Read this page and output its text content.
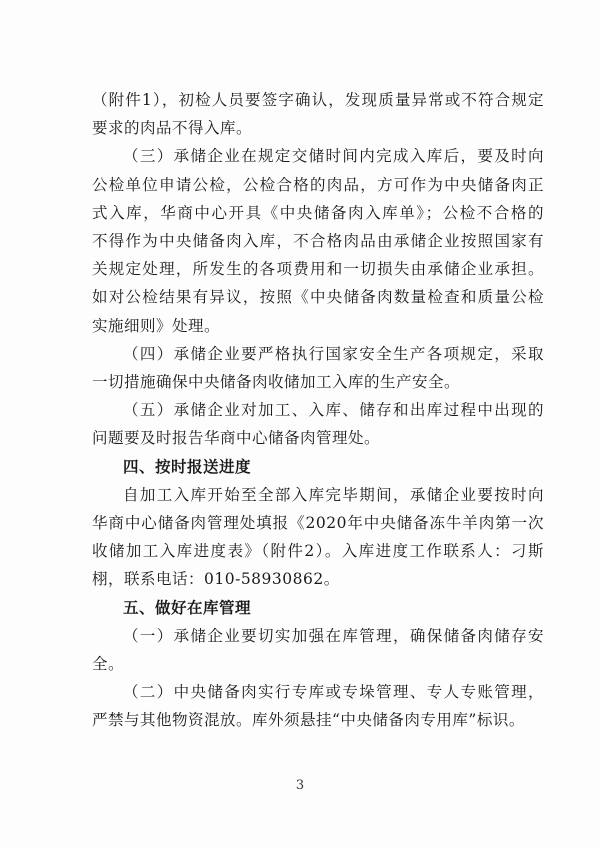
（附件1），初检人员要签字确认，发现质量异常或不符合规定
要求的肉品不得入库。
（三）承储企业在规定交储时间内完成入库后，要及时向
公检单位申请公检，公检合格的肉品，方可作为中央储备肉正
式入库，华商中心开具《中央储备肉入库单》；公检不合格的
不得作为中央储备肉入库，不合格肉品由承储企业按照国家有
关规定处理，所发生的各项费用和一切损失由承储企业承担。
如对公检结果有异议，按照《中央储备肉数量检查和质量公检
实施细则》处理。
（四）承储企业要严格执行国家安全生产各项规定，采取
一切措施确保中央储备肉收储加工入库的生产安全。
（五）承储企业对加工、入库、储存和出库过程中出现的
问题要及时报告华商中心储备肉管理处。
四、按时报送进度
自加工入库开始至全部入库完毕期间，承储企业要按时向
华商中心储备肉管理处填报《2020年中央储备冻牛羊肉第一次
收储加工入库进度表》（附件2）。入库进度工作联系人：刁斯
栩，联系电话：010-58930862。
五、做好在库管理
（一）承储企业要切实加强在库管理，确保储备肉储存安
全。
（二）中央储备肉实行专库或专垛管理、专人专账管理，
严禁与其他物资混放。库外须悬挂“中央储备肉专用库”标识。
3
